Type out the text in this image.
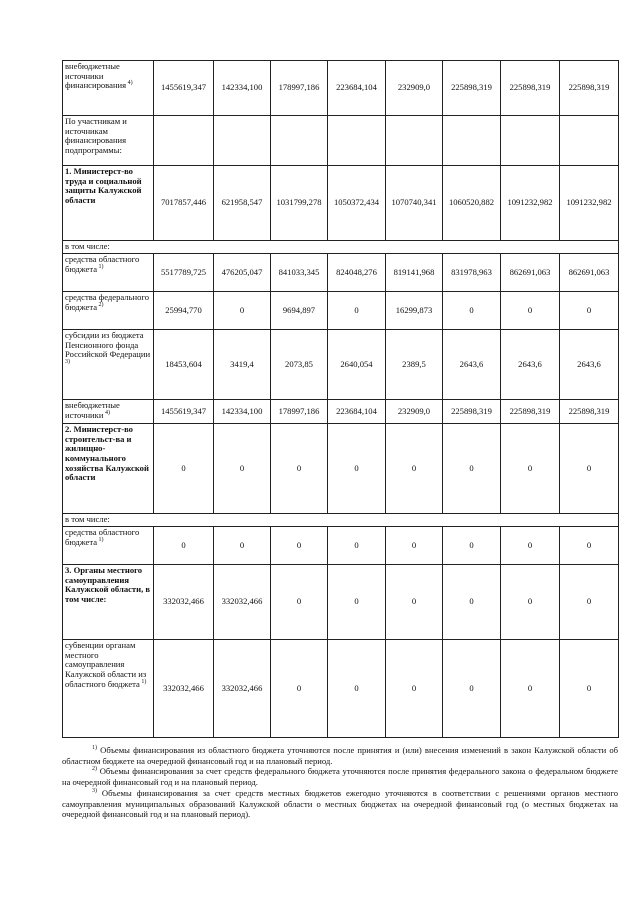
внебюджетные источники финансирования $^{4)}$	1455619,347	142334,100	178997,186	223684,104	232909,0	225898,319	225898,319	225898,319
По участникам и источникам финансирования подпрограммы:								
1. Министерст-во труда и социальной защиты Калужской области	7017857,446	621958,547	1031799,278	1050372,434	1070740,341	1060520,882	1091232,982	1091232,982
в том числе:								
средства областного бюджета $^{1)}$	5517789,725	476205,047	841033,345	824048,276	819141,968	831978,963	862691,063	862691,063
средства федерального бюджета $^{2)}$	25994,770	0	9694,897	0	16299,873	0	0	0
субсидии из бюджета Пенсионного фонда Российской Федерации $^{3)}$	18453,604	3419,4	2073,85	2640,054	2389,5	2643,6	2643,6	2643,6
внебюджетные источники $^{4)}$	1455619,347	142334,100	178997,186	223684,104	232909,0	225898,319	225898,319	225898,319
2. Министерст-во строительст-ва и жилищно-коммунального хозяйства Калужской области	0	0	0	0	0	0	0	0
в том числе:								
средства областного бюджета $^{1)}$	0	0	0	0	0	0	0	0
3. Органы местного самоуправления Калужской области, в том числе:	332032,466	332032,466	0	0	0	0	0	0
субвенции органам местного самоуправления Калужской области из областного бюджета $^{1)}$	332032,466	332032,466	0	0	0	0	0	0

$^{1)}$ Объемы финансирования из областного бюджета уточняются после принятия и (или) внесения изменений в закон Калужской области об областном бюджете на очередной финансовый год и на плановый период.

$^{2)}$ Объемы финансирования за счет средств федерального бюджета уточняются после принятия федерального закона о федеральном бюджете на очередной финансовый год и на плановый период.

$^{3)}$ Объемы финансирования за счет средств местных бюджетов ежегодно уточняются в соответствии с решениями органов местного самоуправления муниципальных образований Калужской области о местных бюджетах на очередной финансовый год (о местных бюджетах на очередной финансовый год и на плановый период).
